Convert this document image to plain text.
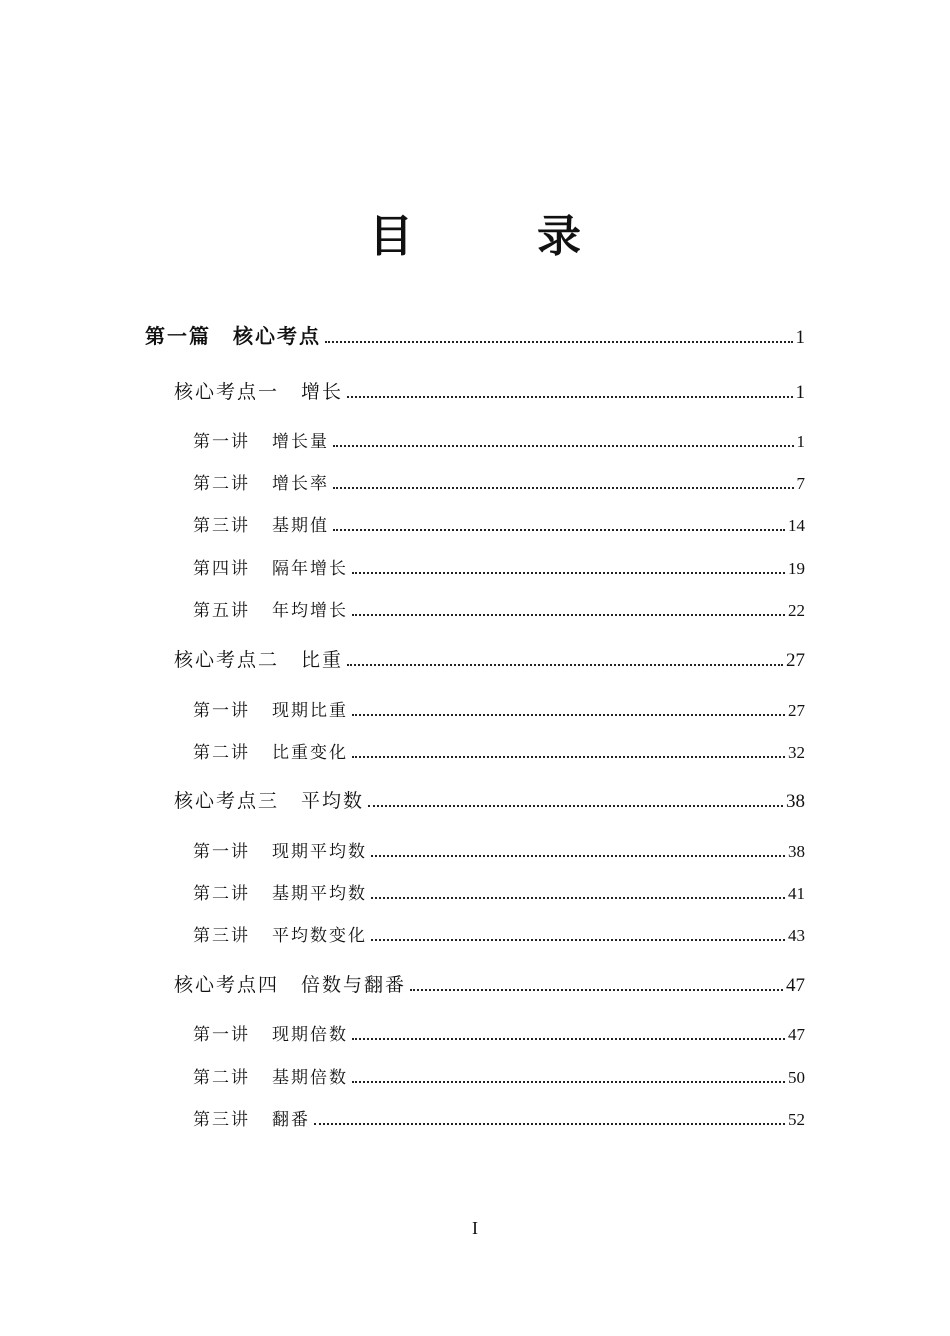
目　录
第一篇 核心考点	1
核心考点一 增长	1
第一讲 增长量	1
第二讲 增长率	7
第三讲 基期值	14
第四讲 隔年增长	19
第五讲 年均增长	22
核心考点二 比重	27
第一讲 现期比重	27
第二讲 比重变化	32
核心考点三 平均数	38
第一讲 现期平均数	38
第二讲 基期平均数	41
第三讲 平均数变化	43
核心考点四 倍数与翻番	47
第一讲 现期倍数	47
第二讲 基期倍数	50
第三讲 翻番	52
I
